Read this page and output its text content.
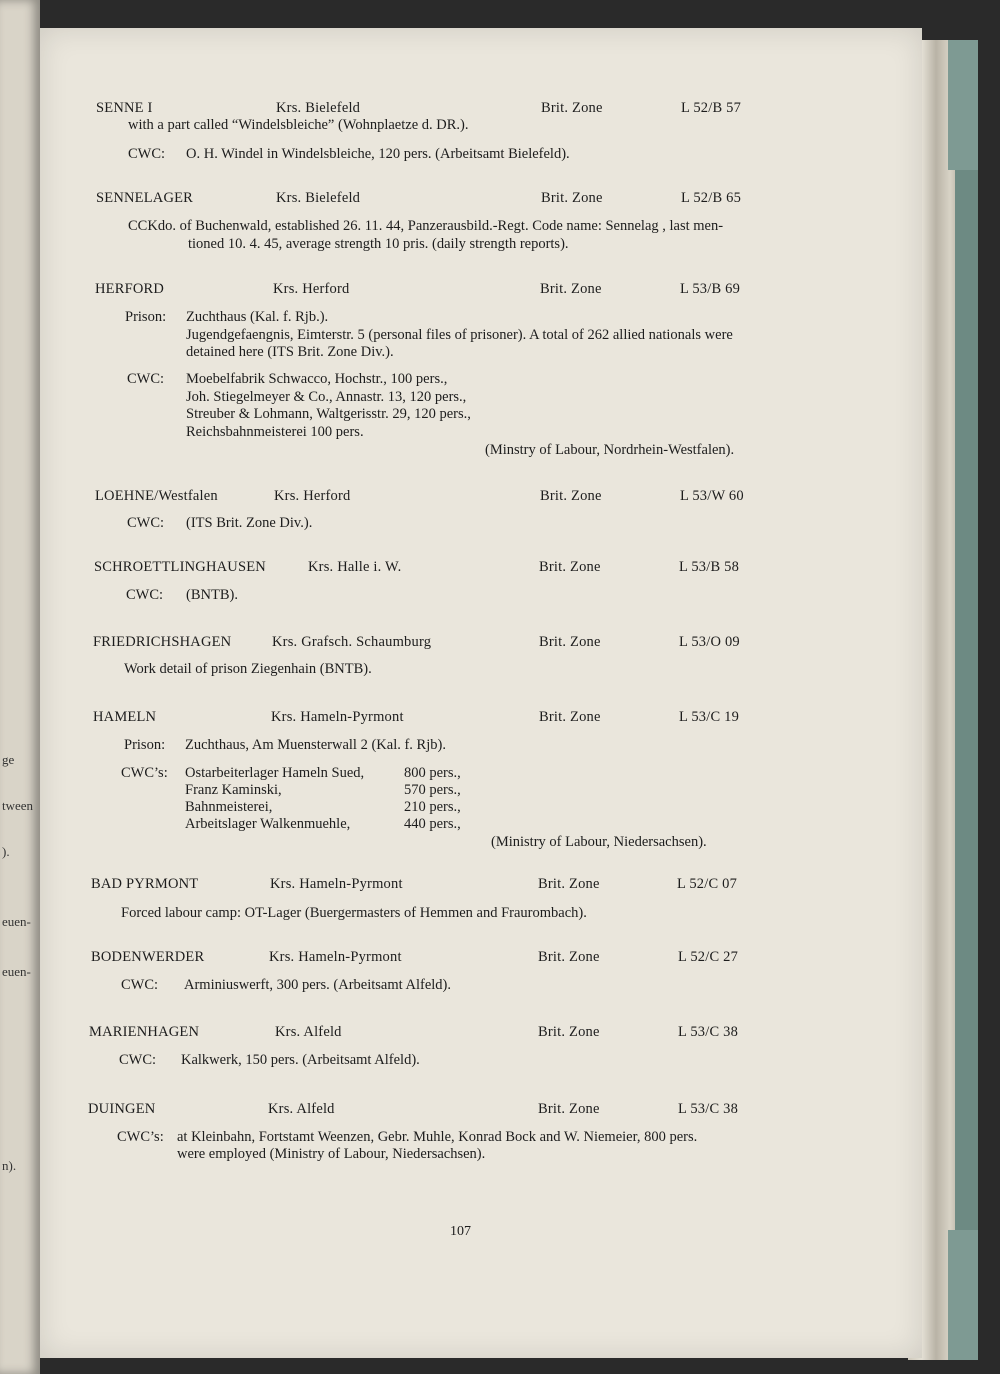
ge
tween
).
euen-
euen-
n).
SENNE I	Krs. Bielefeld	Brit. Zone	L 52/B 57
with a part called “Windelsbleiche” (Wohnplaetze d. DR.).
CWC: O. H. Windel in Windelsbleiche, 120 pers. (Arbeitsamt Bielefeld).
SENNELAGER	Krs. Bielefeld	Brit. Zone	L 52/B 65
CCKdo. of Buchenwald, established 26. 11. 44, Panzerausbild.-Regt. Code name: Sennelag , last men-
tioned 10. 4. 45, average strength 10 pris. (daily strength reports).
HERFORD	Krs. Herford	Brit. Zone	L 53/B 69
Prison: Zuchthaus (Kal. f. Rjb.).
Jugendgefaengnis, Eimterstr. 5 (personal files of prisoner). A total of 262 allied nationals were
detained here (ITS Brit. Zone Div.).
CWC: Moebelfabrik Schwacco, Hochstr., 100 pers.,
Joh. Stiegelmeyer & Co., Annastr. 13, 120 pers.,
Streuber & Lohmann, Waltgerisstr. 29, 120 pers.,
Reichsbahnmeisterei 100 pers.
(Minstry of Labour, Nordrhein-Westfalen).
LOEHNE/Westfalen	Krs. Herford	Brit. Zone	L 53/W 60
CWC: (ITS Brit. Zone Div.).
SCHROETTLINGHAUSEN	Krs. Halle i. W.	Brit. Zone	L 53/B 58
CWC: (BNTB).
FRIEDRICHSHAGEN	Krs. Grafsch. Schaumburg	Brit. Zone	L 53/O 09
Work detail of prison Ziegenhain (BNTB).
HAMELN	Krs. Hameln-Pyrmont	Brit. Zone	L 53/C 19
Prison: Zuchthaus, Am Muensterwall 2 (Kal. f. Rjb).
CWC’s: Ostarbeiterlager Hameln Sued,	800 pers.,
Franz Kaminski,	570 pers.,
Bahnmeisterei,	210 pers.,
Arbeitslager Walkenmuehle,	440 pers.,
(Ministry of Labour, Niedersachsen).
BAD PYRMONT	Krs. Hameln-Pyrmont	Brit. Zone	L 52/C 07
Forced labour camp: OT-Lager (Buergermasters of Hemmen and Fraurombach).
BODENWERDER	Krs. Hameln-Pyrmont	Brit. Zone	L 52/C 27
CWC: Arminiuswerft, 300 pers. (Arbeitsamt Alfeld).
MARIENHAGEN	Krs. Alfeld	Brit. Zone	L 53/C 38
CWC: Kalkwerk, 150 pers. (Arbeitsamt Alfeld).
DUINGEN	Krs. Alfeld	Brit. Zone	L 53/C 38
CWC’s: at Kleinbahn, Fortstamt Weenzen, Gebr. Muhle, Konrad Bock and W. Niemeier, 800 pers.
were employed (Ministry of Labour, Niedersachsen).
107
